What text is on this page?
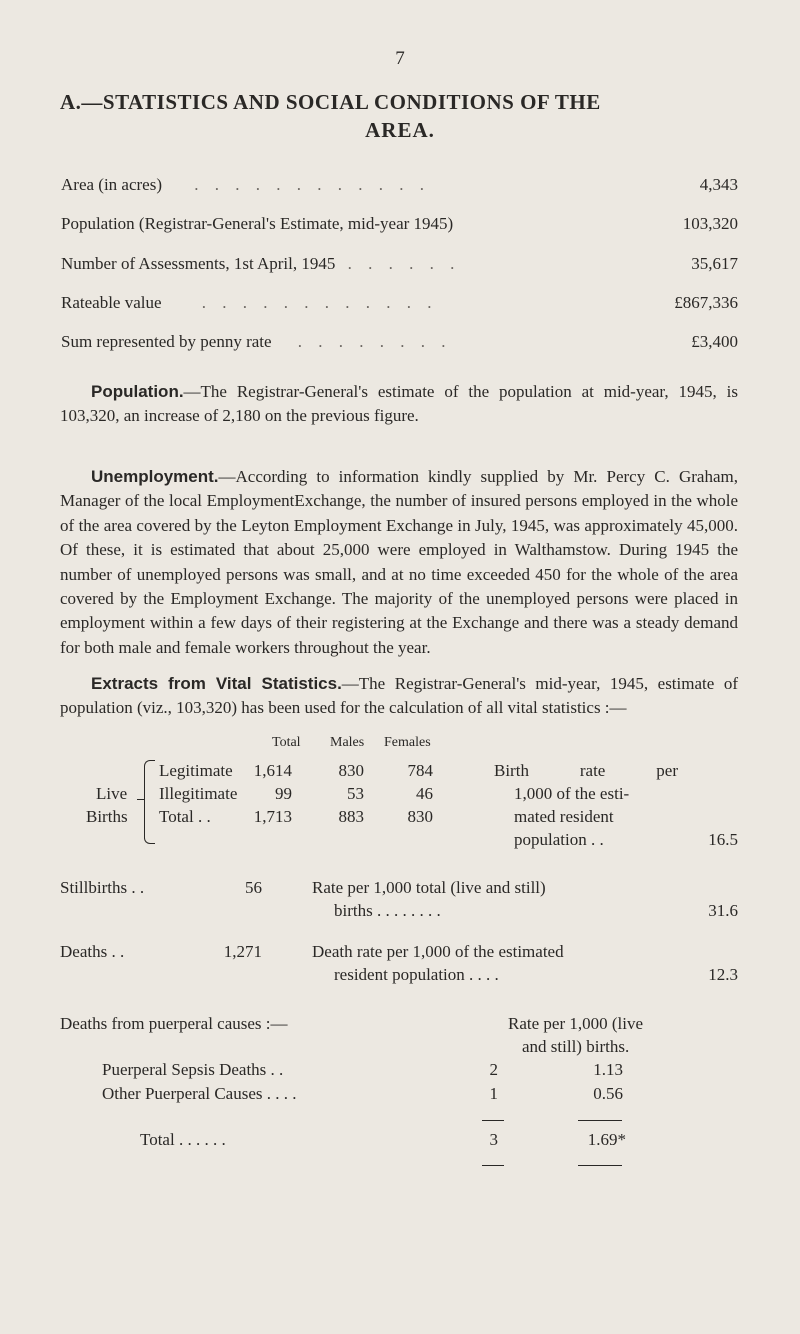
7
A.—STATISTICS AND SOCIAL CONDITIONS OF THE
AREA.
Area (in acres) . . . . . . . . . . . .	4,343
Population (Registrar-General's Estimate, mid-year 1945)	103,320
Number of Assessments, 1st April, 1945 . . . . . .	35,617
Rateable value . . . . . . . . . . . .	£867,336
Sum represented by penny rate . . . . . . . .	£3,400
Population.—The Registrar-General's estimate of the population at mid-year, 1945, is 103,320, an increase of 2,180 on the previous figure.
Unemployment.—According to information kindly supplied by Mr. Percy C. Graham, Manager of the local EmploymentExchange, the number of insured persons employed in the whole of the area covered by the Leyton Employment Exchange in July, 1945, was approximately 45,000. Of these, it is estimated that about 25,000 were employed in Walthamstow. During 1945 the number of unemployed persons was small, and at no time exceeded 450 for the whole of the area covered by the Employment Exchange. The majority of the unemployed persons were placed in employment within a few days of their registering at the Exchange and there was a steady demand for both male and female workers throughout the year.
Extracts from Vital Statistics.—The Registrar-General's mid-year, 1945, estimate of population (viz., 103,320) has been used for the calculation of all vital statistics :—
Total Males Females
Live
Births
Legitimate 1,614	830	784
Illegitimate 99	53	46
Total . .	1,713	883	830
Birth rate per
1,000 of the esti-
mated resident
population . .	16.5
Stillbirths . .	56	Rate per 1,000 total (live and still)
births . . . . . . . .	31.6
Deaths . .	1,271	Death rate per 1,000 of the estimated
resident population . . . .	12.3
Deaths from puerperal causes :—	Rate per 1,000 (live
and still) births.
Puerperal Sepsis Deaths . .	2	1.13
Other Puerperal Causes . . . .	1	0.56
Total . . . . . .	3	1.69*
